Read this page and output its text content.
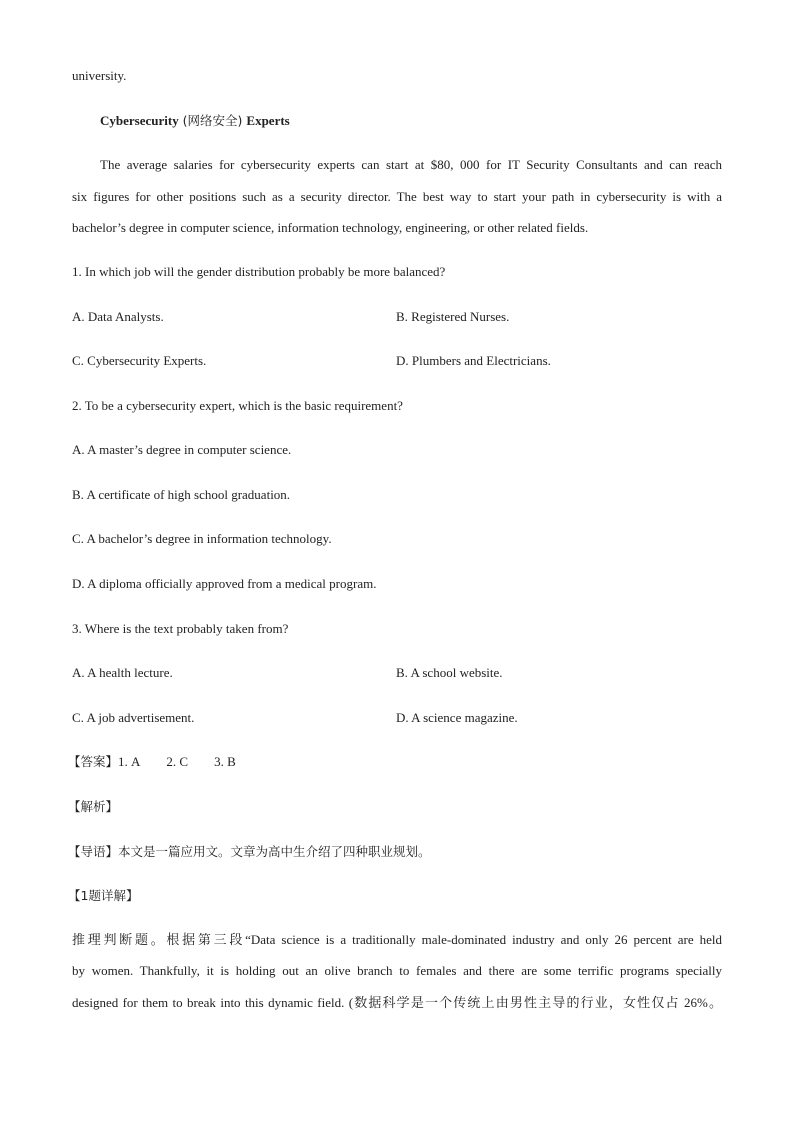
university.
Cybersecurity (网络安全) Experts
The average salaries for cybersecurity experts can start at $80, 000 for IT Security Consultants and can reach
six figures for other positions such as a security director. The best way to start your path in cybersecurity is with a
bachelor’s degree in computer science, information technology, engineering, or other related fields.
1. In which job will the gender distribution probably be more balanced?
A. Data Analysts.	B. Registered Nurses.
C. Cybersecurity Experts.	D. Plumbers and Electricians.
2. To be a cybersecurity expert, which is the basic requirement?
A. A master’s degree in computer science.
B. A certificate of high school graduation.
C. A bachelor’s degree in information technology.
D. A diploma officially approved from a medical program.
3. Where is the text probably taken from?
A. A health lecture.	B. A school website.
C. A job advertisement.	D. A science magazine.
【答案】1. A 2. C 3. B
【解析】
【导语】本文是一篇应用文。文章为高中生介绍了四种职业规划。
【1题详解】
推理判断题。根据第三段“Data science is a traditionally male-dominated industry and only 26 percent are held
by women. Thankfully, it is holding out an olive branch to females and there are some terrific programs specially
designed for them to break into this dynamic field. (数据科学是一个传统上由男性主导的行业，女性仅占 26%。
